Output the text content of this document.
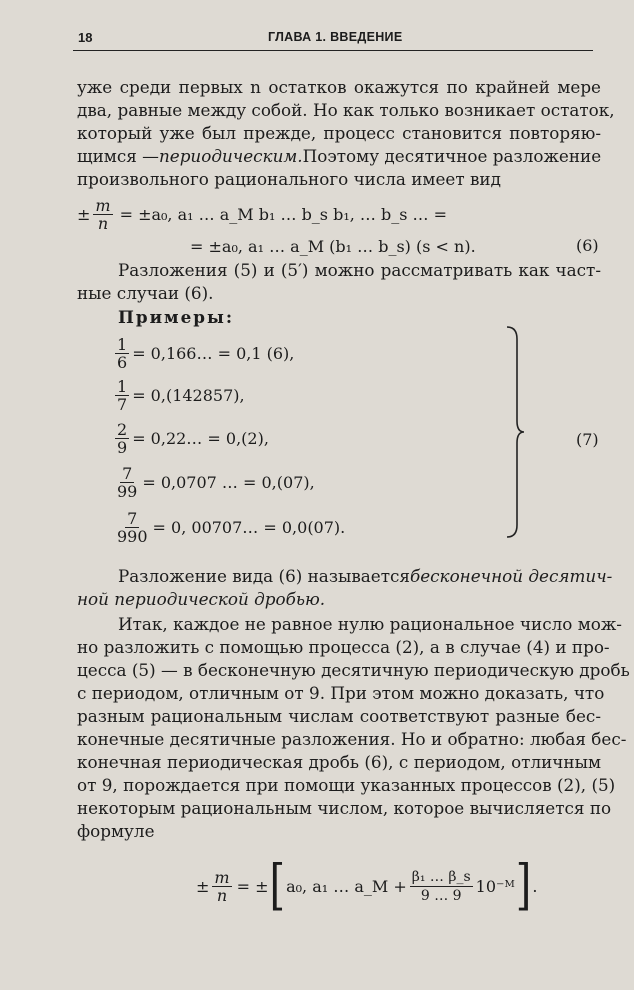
18	ГЛАВА 1. ВВЕДЕНИЕ
уже среди первых n остатков окажутся по крайней мере
два, равные между собой. Но как только возникает остаток,
который уже был прежде, процесс становится повторяю-
щимся — периодическим. Поэтому десятичное разложение
произвольного рационального числа имеет вид
± $\frac{m}{n} = \pm a_0$, a₁ … a_M b₁ … b_s b₁, … b_s … =
= ±a₀, a₁ … a_M (b₁ … b_s) (s < n).	(6)
Разложения (5) и (5′) можно рассматривать как част-
ные случаи (6).
Примеры:
$\frac{1}{6}$ = 0,166… = 0,1 (6),
$\frac{1}{7} = 0,(142857)$,
$\frac{2}{9}$ = 0,22… = 0,(2),
$\frac{7}{99} = 0,0707$ … = 0,(07),
$\frac{7}{990} = 0$, 00707… = 0,0(07).
(7)
Разложение вида (6) называется бесконечной десятич-
ной периодической дробью.
Итак, каждое не равное нулю рациональное число мож-
но разложить с помощью процесса (2), а в случае (4) и про-
цесса (5) — в бесконечную десятичную периодическую дробь
с периодом, отличным от 9. При этом можно доказать, что
разным рациональным числам соответствуют разные бес-
конечные десятичные разложения. Но и обратно: любая бес-
конечная периодическая дробь (6), с периодом, отличным
от 9, порождается при помощи указанных процессов (2), (5)
некоторым рациональным числом, которое вычисляется по
формуле
± $\frac{m}{n}$ = ± [ a₀, a₁ … a_M + $\frac{\text{β₁ … β\_s}}{9 \dots 9}$ 10⁻ᴹ ] .
